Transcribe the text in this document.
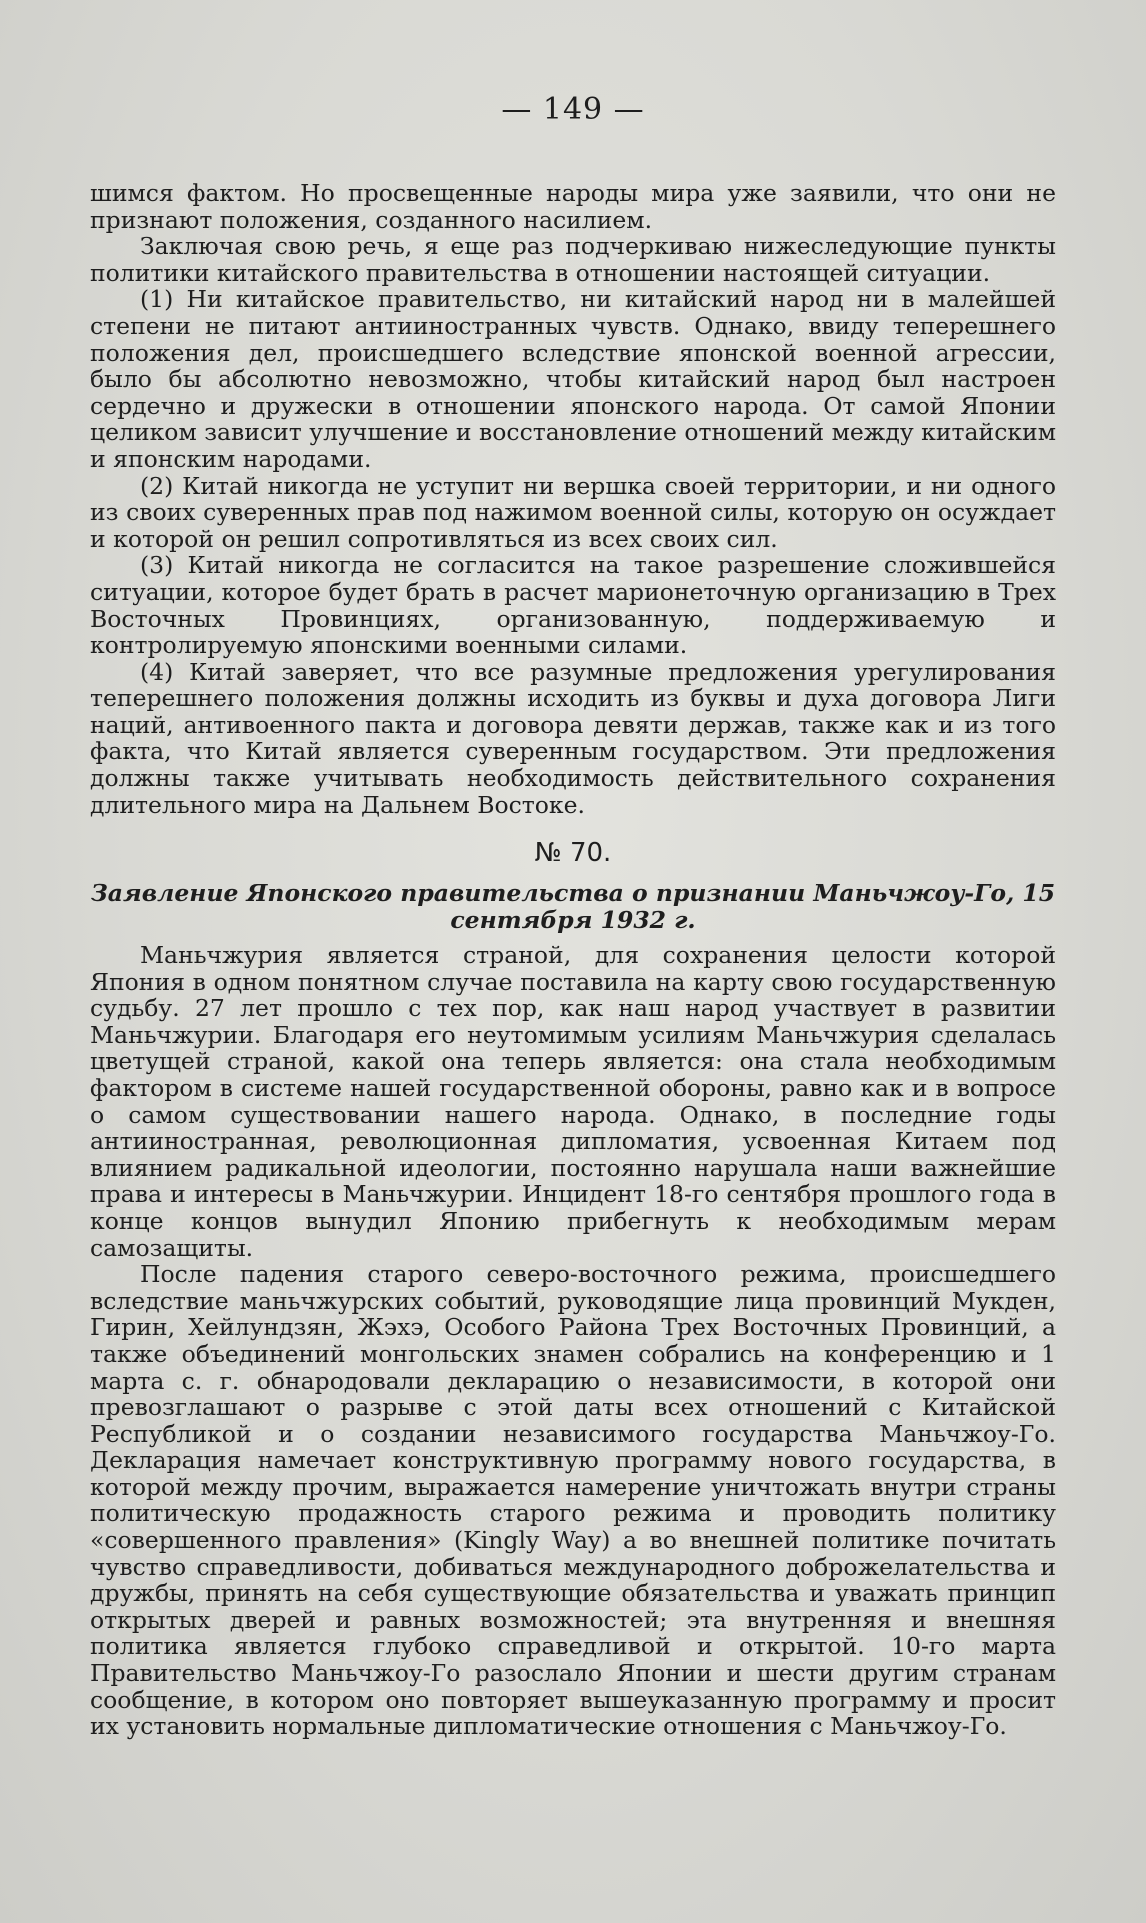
— 149 —

шимся фактом. Но просвещенные народы мира уже заявили, что они не признают положения, созданного насилием.

Заключая свою речь, я еще раз подчеркиваю нижеследующие пункты политики китайского правительства в отношении настоящей ситуации.

(1) Ни китайское правительство, ни китайский народ ни в малейшей степени не питают антииностранных чувств. Однако, ввиду теперешнего положения дел, происшедшего вследствие японской военной агрессии, было бы абсолютно невозможно, чтобы китайский народ был настроен сердечно и дружески в отношении японского народа. От самой Японии целиком зависит улучшение и восстановление отношений между китайским и японским народами.

(2) Китай никогда не уступит ни вершка своей территории, и ни одного из своих суверенных прав под нажимом военной силы, которую он осуждает и которой он решил сопротивляться из всех своих сил.

(3) Китай никогда не согласится на такое разрешение сложившейся ситуации, которое будет брать в расчет марионеточную организацию в Трех Восточных Провинциях, организованную, поддерживаемую и контролируемую японскими военными силами.

(4) Китай заверяет, что все разумные предложения урегулирования теперешнего положения должны исходить из буквы и духа договора Лиги наций, антивоенного пакта и договора девяти держав, также как и из того факта, что Китай является суверенным государством. Эти предложения должны также учитывать необходимость действительного сохранения длительного мира на Дальнем Востоке.

№ 70.
Заявление Японского правительства о признании Маньчжоу-Го, 15 сентября 1932 г.

Маньчжурия является страной, для сохранения целости которой Япония в одном понятном случае поставила на карту свою государственную судьбу. 27 лет прошло с тех пор, как наш народ участвует в развитии Маньчжурии. Благодаря его неутомимым усилиям Маньчжурия сделалась цветущей страной, какой она теперь является: она стала необходимым фактором в системе нашей государственной обороны, равно как и в вопросе о самом существовании нашего народа. Однако, в последние годы антииностранная, революционная дипломатия, усвоенная Китаем под влиянием радикальной идеологии, постоянно нарушала наши важнейшие права и интересы в Маньчжурии. Инцидент 18-го сентября прошлого года в конце концов вынудил Японию прибегнуть к необходимым мерам самозащиты.

После падения старого северо-восточного режима, происшедшего вследствие маньчжурских событий, руководящие лица провинций Мукден, Гирин, Хейлундзян, Жэхэ, Особого Района Трех Восточных Провинций, а также объединений монгольских знамен собрались на конференцию и 1 марта с. г. обнародовали декларацию о независимости, в которой они превозглашают о разрыве с этой даты всех отношений с Китайской Республикой и о создании независимого государства Маньчжоу-Го. Декларация намечает конструктивную программу нового государства, в которой между прочим, выражается намерение уничтожать внутри страны политическую продажность старого режима и проводить политику «совершенного правления» (Kingly Way) а во внешней политике почитать чувство справедливости, добиваться международного доброжелательства и дружбы, принять на себя существующие обязательства и уважать принцип открытых дверей и равных возможностей; эта внутренняя и внешняя политика является глубоко справедливой и открытой. 10-го марта Правительство Маньчжоу-Го разослало Японии и шести другим странам сообщение, в котором оно повторяет вышеуказанную программу и просит их установить нормальные дипломатические отношения с Маньчжоу-Го.
